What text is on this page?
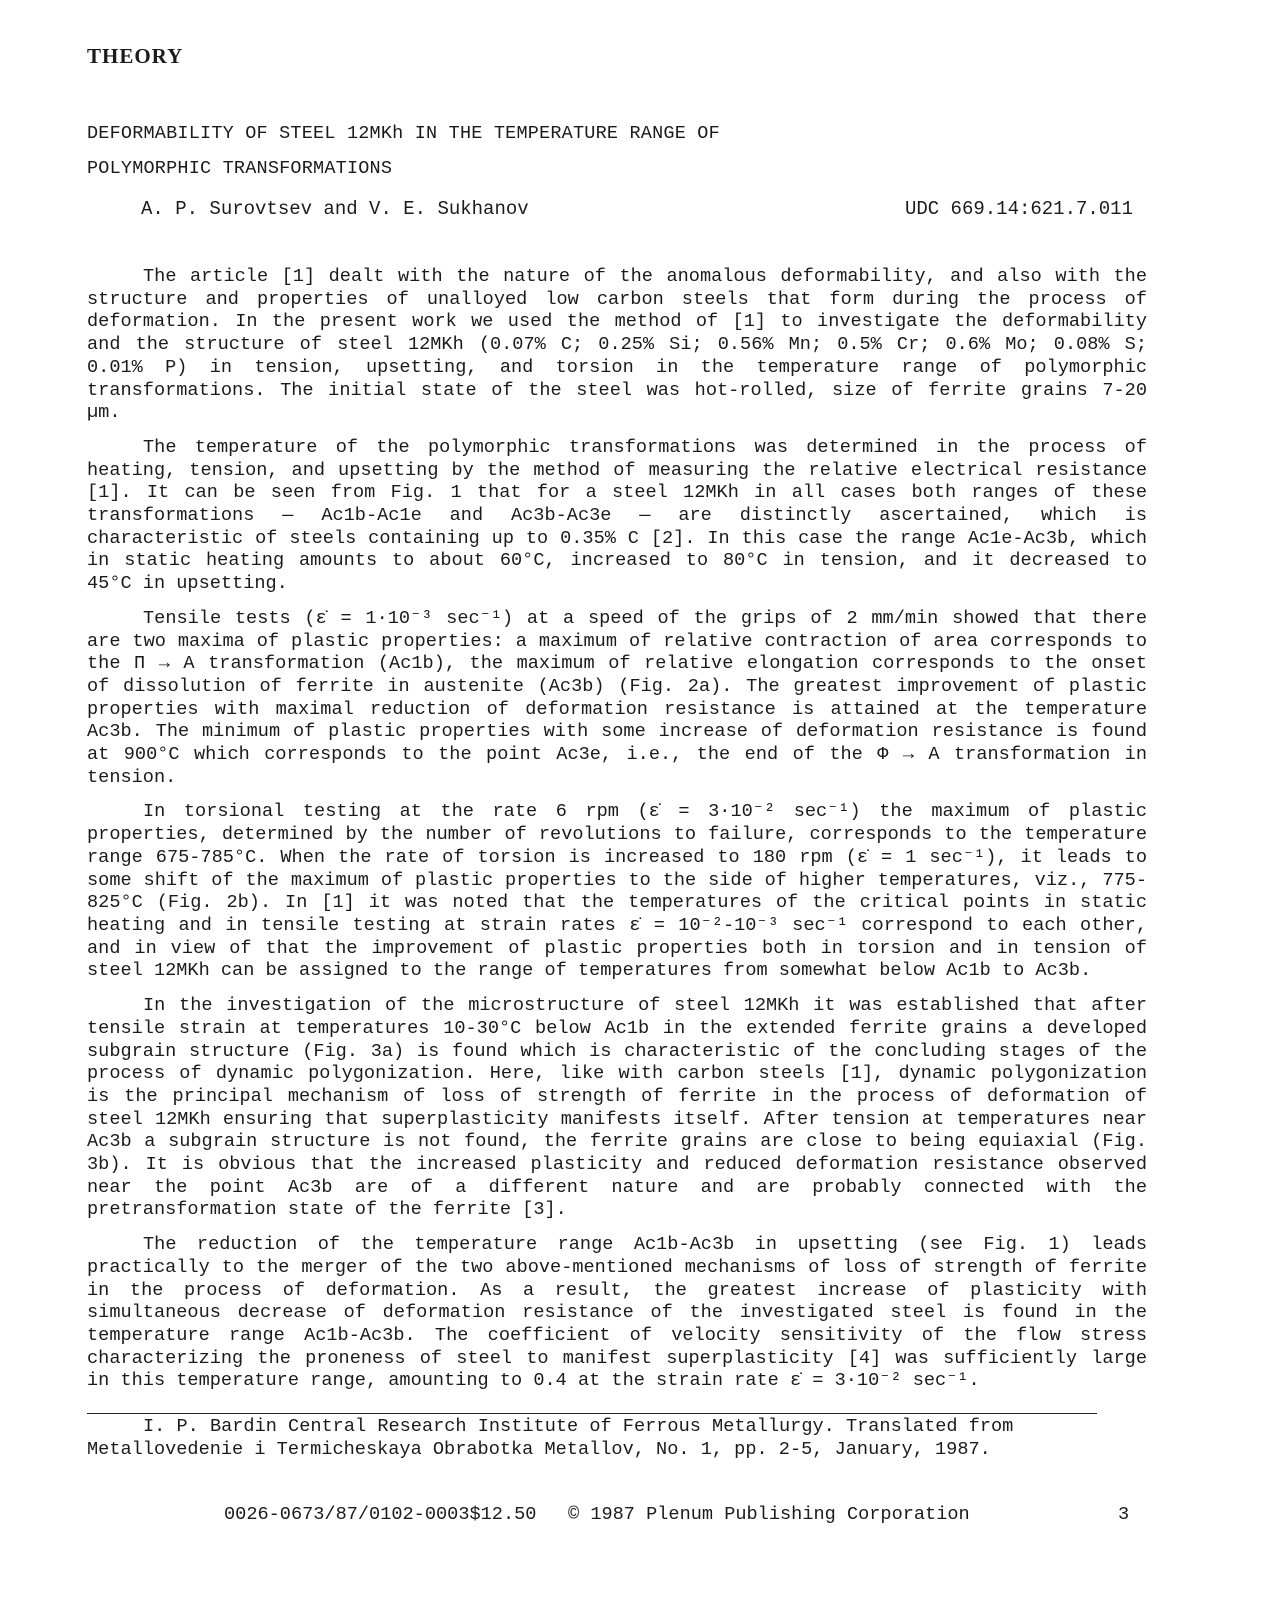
THEORY
DEFORMABILITY OF STEEL 12MKh IN THE TEMPERATURE RANGE OF
POLYMORPHIC TRANSFORMATIONS
A. P. Surovtsev and V. E. Sukhanov	UDC 669.14:621.7.011

The article [1] dealt with the nature of the anomalous deformability, and also with the structure and properties of unalloyed low carbon steels that form during the process of deformation. In the present work we used the method of [1] to investigate the deformability and the structure of steel 12MKh (0.07% C; 0.25% Si; 0.56% Mn; 0.5% Cr; 0.6% Mo; 0.08% S; 0.01% P) in tension, upsetting, and torsion in the temperature range of polymorphic transformations. The initial state of the steel was hot-rolled, size of ferrite grains 7-20 µm.

The temperature of the polymorphic transformations was determined in the process of heating, tension, and upsetting by the method of measuring the relative electrical resistance [1]. It can be seen from Fig. 1 that for a steel 12MKh in all cases both ranges of these transformations — Ac1b-Ac1e and Ac3b-Ac3e — are distinctly ascertained, which is characteristic of steels containing up to 0.35% C [2]. In this case the range Ac1e-Ac3b, which in static heating amounts to about 60°C, increased to 80°C in tension, and it decreased to 45°C in upsetting.

Tensile tests (ε̇ = 1·10⁻³ sec⁻¹) at a speed of the grips of 2 mm/min showed that there are two maxima of plastic properties: a maximum of relative contraction of area corresponds to the П → A transformation (Ac1b), the maximum of relative elongation corresponds to the onset of dissolution of ferrite in austenite (Ac3b) (Fig. 2a). The greatest improvement of plastic properties with maximal reduction of deformation resistance is attained at the temperature Ac3b. The minimum of plastic properties with some increase of deformation resistance is found at 900°C which corresponds to the point Ac3e, i.e., the end of the Φ → A transformation in tension.

In torsional testing at the rate 6 rpm (ε̇ = 3·10⁻² sec⁻¹) the maximum of plastic properties, determined by the number of revolutions to failure, corresponds to the temperature range 675-785°C. When the rate of torsion is increased to 180 rpm (ε̇ = 1 sec⁻¹), it leads to some shift of the maximum of plastic properties to the side of higher temperatures, viz., 775-825°C (Fig. 2b). In [1] it was noted that the temperatures of the critical points in static heating and in tensile testing at strain rates ε̇ = 10⁻²-10⁻³ sec⁻¹ correspond to each other, and in view of that the improvement of plastic properties both in torsion and in tension of steel 12MKh can be assigned to the range of temperatures from somewhat below Ac1b to Ac3b.

In the investigation of the microstructure of steel 12MKh it was established that after tensile strain at temperatures 10-30°C below Ac1b in the extended ferrite grains a developed subgrain structure (Fig. 3a) is found which is characteristic of the concluding stages of the process of dynamic polygonization. Here, like with carbon steels [1], dynamic polygonization is the principal mechanism of loss of strength of ferrite in the process of deformation of steel 12MKh ensuring that superplasticity manifests itself. After tension at temperatures near Ac3b a subgrain structure is not found, the ferrite grains are close to being equiaxial (Fig. 3b). It is obvious that the increased plasticity and reduced deformation resistance observed near the point Ac3b are of a different nature and are probably connected with the pretransformation state of the ferrite [3].

The reduction of the temperature range Ac1b-Ac3b in upsetting (see Fig. 1) leads practically to the merger of the two above-mentioned mechanisms of loss of strength of ferrite in the process of deformation. As a result, the greatest increase of plasticity with simultaneous decrease of deformation resistance of the investigated steel is found in the temperature range Ac1b-Ac3b. The coefficient of velocity sensitivity of the flow stress characterizing the proneness of steel to manifest superplasticity [4] was sufficiently large in this temperature range, amounting to 0.4 at the strain rate ε̇ = 3·10⁻² sec⁻¹.

I. P. Bardin Central Research Institute of Ferrous Metallurgy. Translated from Metallovedenie i Termicheskaya Obrabotka Metallov, No. 1, pp. 2-5, January, 1987.

0026-0673/87/0102-0003$12.50 © 1987 Plenum Publishing Corporation	3
